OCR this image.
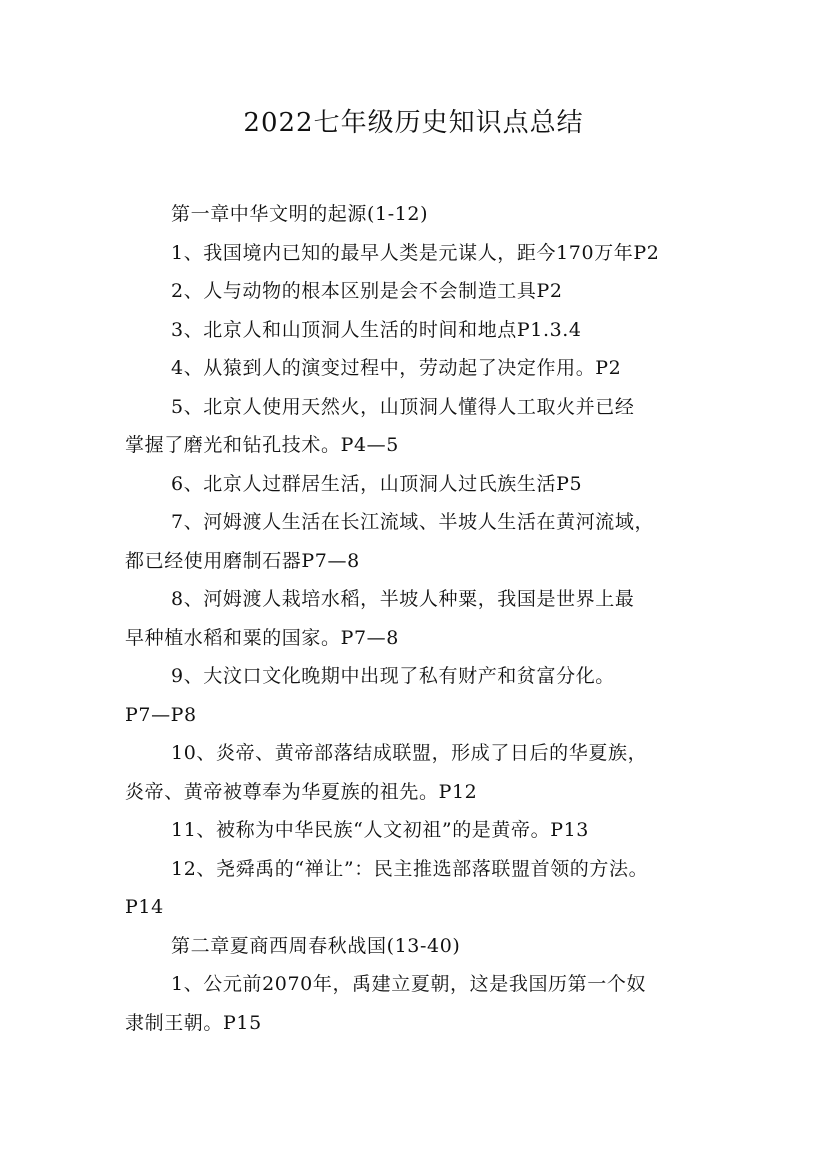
2022七年级历史知识点总结
第一章中华文明的起源(1-12)
1、我国境内已知的最早人类是元谋人，距今170万年P2
2、人与动物的根本区别是会不会制造工具P2
3、北京人和山顶洞人生活的时间和地点P1.3.4
4、从猿到人的演变过程中，劳动起了决定作用。P2
5、北京人使用天然火，山顶洞人懂得人工取火并已经
掌握了磨光和钻孔技术。P4—5
6、北京人过群居生活，山顶洞人过氏族生活P5
7、河姆渡人生活在长江流域、半坡人生活在黄河流域，
都已经使用磨制石器P7—8
8、河姆渡人栽培水稻，半坡人种粟，我国是世界上最
早种植水稻和粟的国家。P7—8
9、大汶口文化晚期中出现了私有财产和贫富分化。
P7—P8
10、炎帝、黄帝部落结成联盟，形成了日后的华夏族，
炎帝、黄帝被尊奉为华夏族的祖先。P12
11、被称为中华民族“人文初祖”的是黄帝。P13
12、尧舜禹的“禅让”：民主推选部落联盟首领的方法。
P14
第二章夏商西周春秋战国(13-40)
1、公元前2070年，禹建立夏朝，这是我国历第一个奴
隶制王朝。P15
